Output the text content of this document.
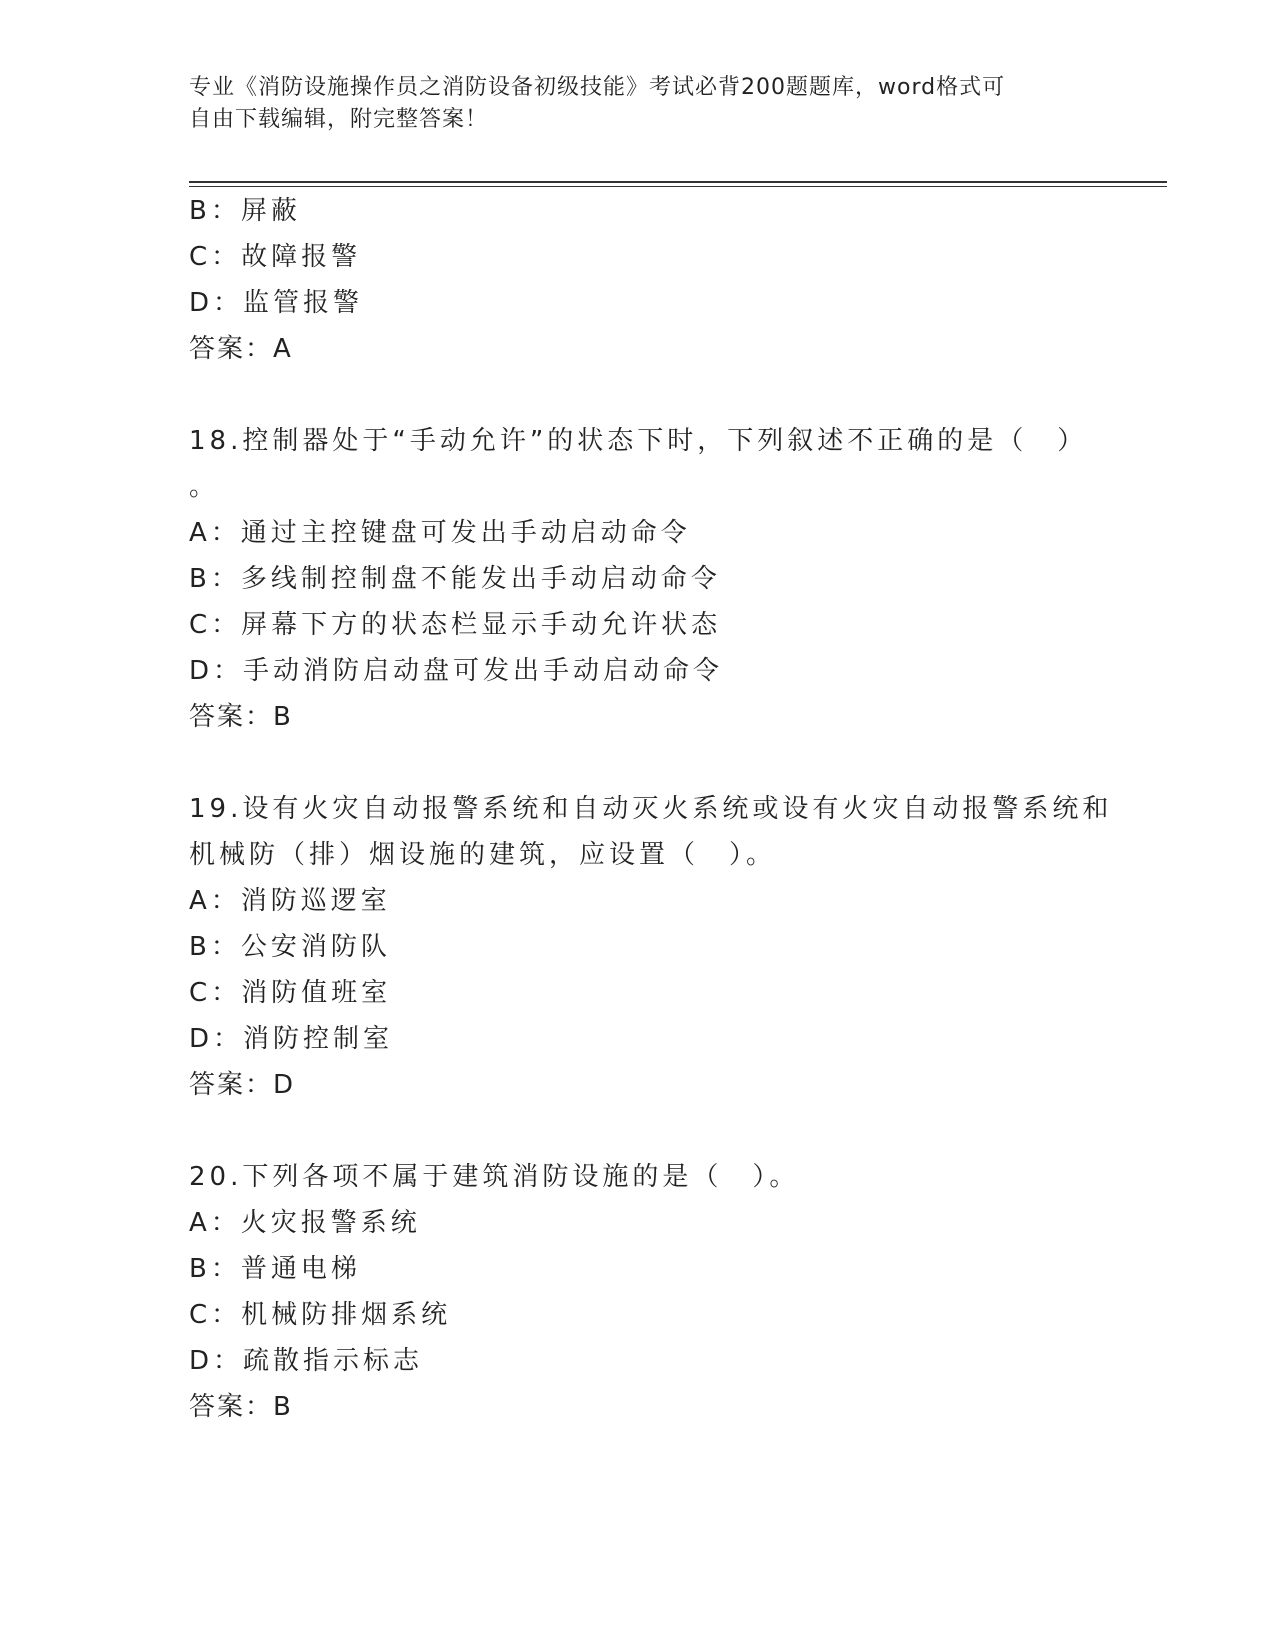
专业《消防设施操作员之消防设备初级技能》考试必背200题题库，word格式可
自由下载编辑，附完整答案！
B：屏蔽
C：故障报警
D：监管报警
答案：A
18.控制器处于“手动允许”的状态下时，下列叙述不正确的是（　）
。
A：通过主控键盘可发出手动启动命令
B：多线制控制盘不能发出手动启动命令
C：屏幕下方的状态栏显示手动允许状态
D：手动消防启动盘可发出手动启动命令
答案：B
19.设有火灾自动报警系统和自动灭火系统或设有火灾自动报警系统和
机械防（排）烟设施的建筑，应设置（　）。
A：消防巡逻室
B：公安消防队
C：消防值班室
D：消防控制室
答案：D
20.下列各项不属于建筑消防设施的是（　）。
A：火灾报警系统
B：普通电梯
C：机械防排烟系统
D：疏散指示标志
答案：B
